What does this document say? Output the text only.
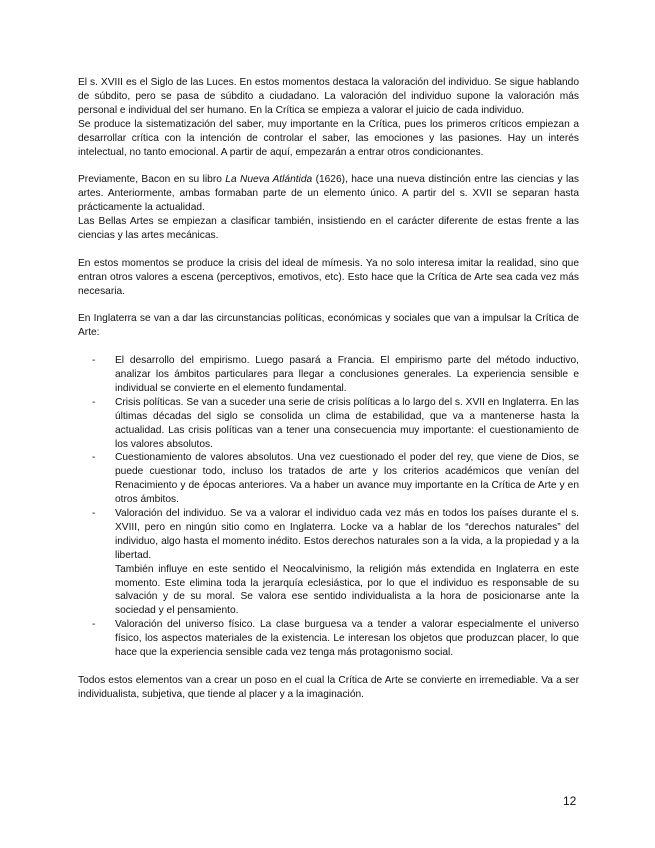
El s. XVIII es el Siglo de las Luces. En estos momentos destaca la valoración del individuo. Se sigue hablando de súbdito, pero se pasa de súbdito a ciudadano. La valoración del individuo supone la valoración más personal e individual del ser humano. En la Crítica se empieza a valorar el juicio de cada individuo.

Se produce la sistematización del saber, muy importante en la Crítica, pues los primeros críticos empiezan a desarrollar crítica con la intención de controlar el saber, las emociones y las pasiones. Hay un interés intelectual, no tanto emocional. A partir de aquí, empezarán a entrar otros condicionantes.

Previamente, Bacon en su libro La Nueva Atlántida (1626), hace una nueva distinción entre las ciencias y las artes. Anteriormente, ambas formaban parte de un elemento único. A partir del s. XVII se separan hasta prácticamente la actualidad.

Las Bellas Artes se empiezan a clasificar también, insistiendo en el carácter diferente de estas frente a las ciencias y las artes mecánicas.

En estos momentos se produce la crisis del ideal de mímesis. Ya no solo interesa imitar la realidad, sino que entran otros valores a escena (perceptivos, emotivos, etc). Esto hace que la Crítica de Arte sea cada vez más necesaria.

En Inglaterra se van a dar las circunstancias políticas, económicas y sociales que van a impulsar la Crítica de Arte:

- El desarrollo del empirismo. Luego pasará a Francia. El empirismo parte del método inductivo, analizar los ámbitos particulares para llegar a conclusiones generales. La experiencia sensible e individual se convierte en el elemento fundamental.
- Crisis políticas. Se van a suceder una serie de crisis políticas a lo largo del s. XVII en Inglaterra. En las últimas décadas del siglo se consolida un clima de estabilidad, que va a mantenerse hasta la actualidad. Las crisis políticas van a tener una consecuencia muy importante: el cuestionamiento de los valores absolutos.
- Cuestionamiento de valores absolutos. Una vez cuestionado el poder del rey, que viene de Dios, se puede cuestionar todo, incluso los tratados de arte y los criterios académicos que venían del Renacimiento y de épocas anteriores. Va a haber un avance muy importante en la Crítica de Arte y en otros ámbitos.
- Valoración del individuo. Se va a valorar el individuo cada vez más en todos los países durante el s. XVIII, pero en ningún sitio como en Inglaterra. Locke va a hablar de los “derechos naturales” del individuo, algo hasta el momento inédito. Estos derechos naturales son a la vida, a la propiedad y a la libertad.
También influye en este sentido el Neocalvinismo, la religión más extendida en Inglaterra en este momento. Este elimina toda la jerarquía eclesiástica, por lo que el individuo es responsable de su salvación y de su moral. Se valora ese sentido individualista a la hora de posicionarse ante la sociedad y el pensamiento.
- Valoración del universo físico. La clase burguesa va a tender a valorar especialmente el universo físico, los aspectos materiales de la existencia. Le interesan los objetos que produzcan placer, lo que hace que la experiencia sensible cada vez tenga más protagonismo social.

Todos estos elementos van a crear un poso en el cual la Crítica de Arte se convierte en irremediable. Va a ser individualista, subjetiva, que tiende al placer y a la imaginación.

12
